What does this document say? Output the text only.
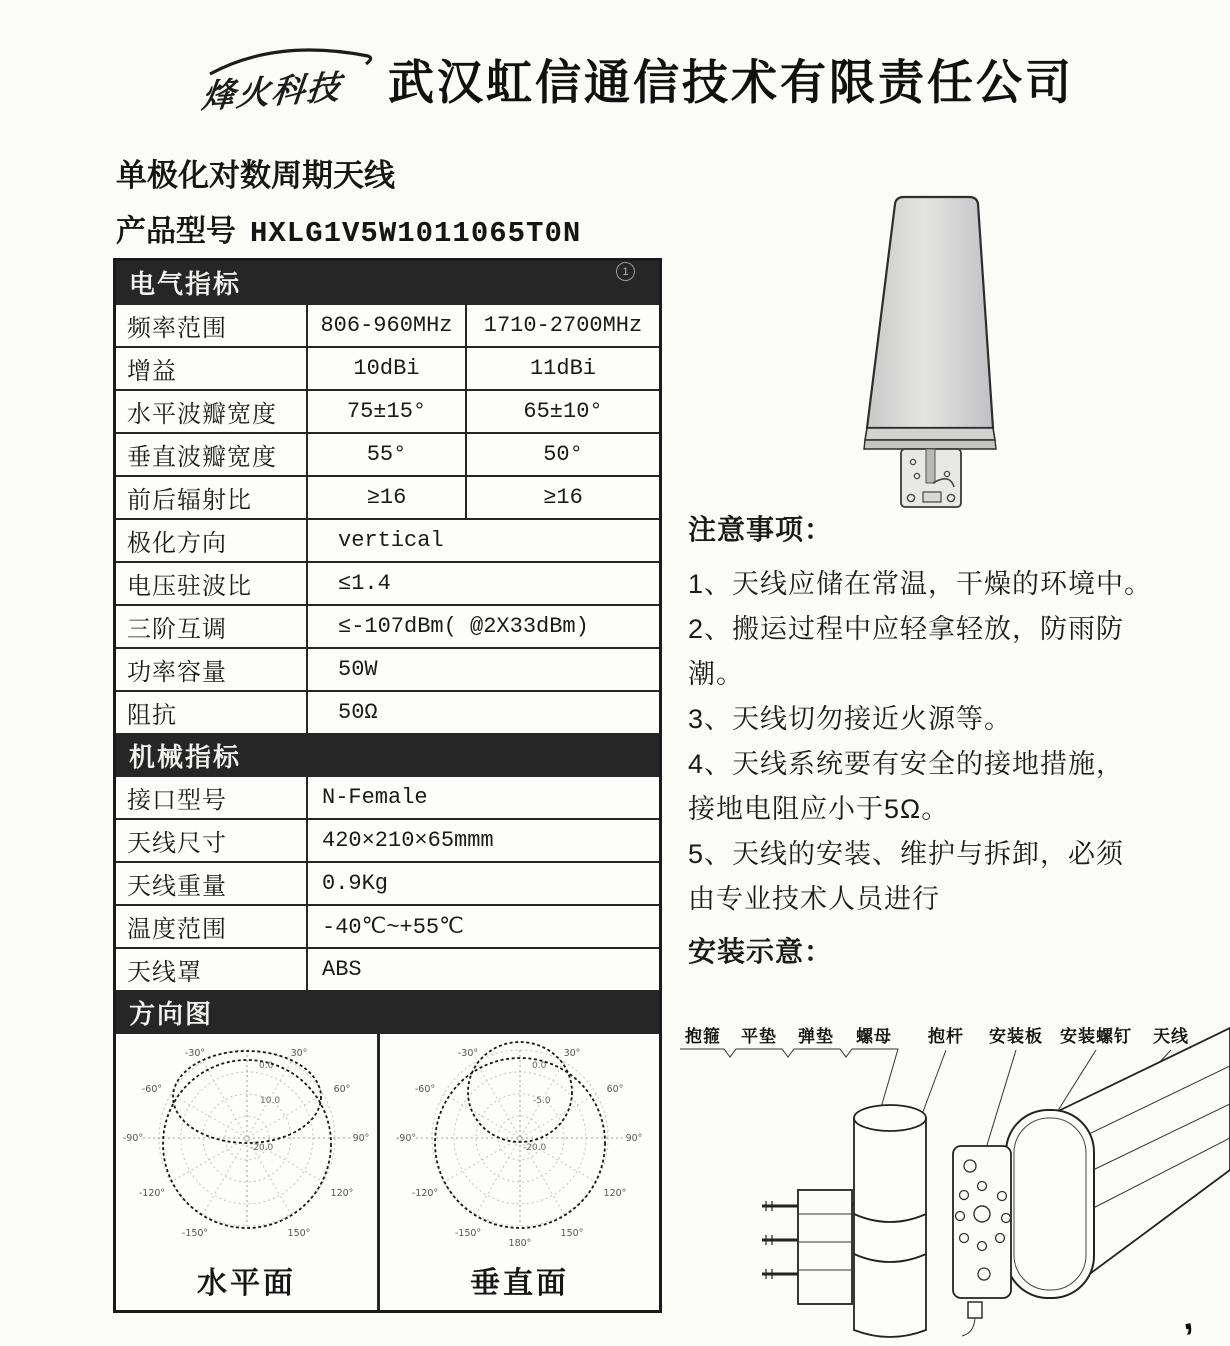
烽火科技 武汉虹信通信技术有限责任公司
单极化对数周期天线
产品型号 HXLG1V5W1011065T0N
电气指标
频率范围	806-960MHz	1710-2700MHz
增益	10dBi	11dBi
水平波瓣宽度	75±15°	65±10°
垂直波瓣宽度	55°	50°
前后辐射比	≥16	≥16
极化方向	vertical
电压驻波比	≤1.4
三阶互调	≤-107dBm( @2X33dBm)
功率容量	50W
阻抗	50Ω
机械指标
接口型号	N-Female
天线尺寸	420×210×65mmm
天线重量	0.9Kg
温度范围	-40℃~+55℃
天线罩	ABS
方向图
-30°	30°
-60°	60°
-90°	90°
-120°	120°
-150°	150°
0.0
10.0
-20.0
水平面
-30°	30°
-60°	60°
-90°	90°
-120°	120°
-150°	150°
180°
0.0
-5.0
-20.0
垂直面
注意事项：
1、天线应储在常温，干燥的环境中。
2、搬运过程中应轻拿轻放，防雨防
潮。
3、天线切勿接近火源等。
4、天线系统要有安全的接地措施，
接地电阻应小于5Ω。
5、天线的安装、维护与拆卸，必须
由专业技术人员进行
安装示意：
抱箍 平垫 弹垫 螺母 抱杆 安装板 安装螺钉 天线
1
,
